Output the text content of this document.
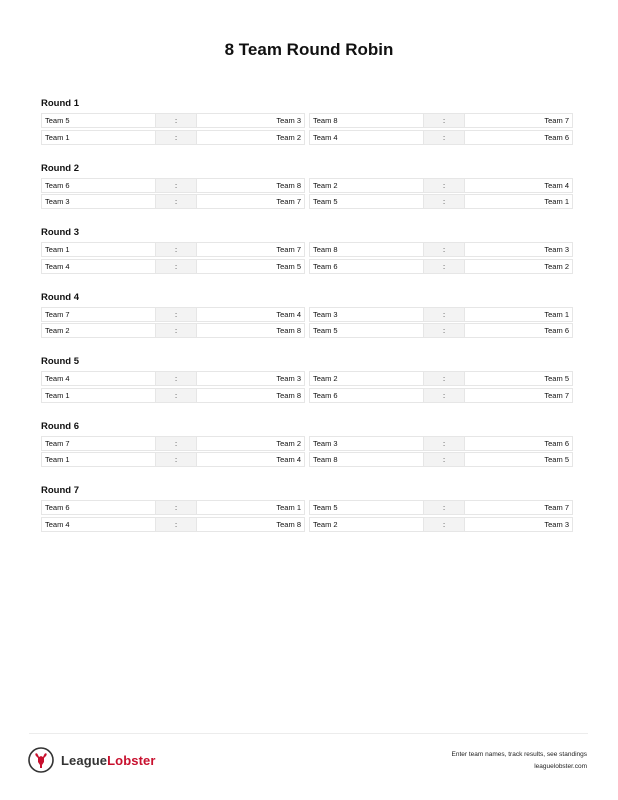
8 Team Round Robin
Round 1
Team 5	:	Team 3
Team 1	:	Team 2
Team 8	:	Team 7
Team 4	:	Team 6
Round 2
Team 6	:	Team 8
Team 3	:	Team 7
Team 2	:	Team 4
Team 5	:	Team 1
Round 3
Team 1	:	Team 7
Team 4	:	Team 5
Team 8	:	Team 3
Team 6	:	Team 2
Round 4
Team 7	:	Team 4
Team 2	:	Team 8
Team 3	:	Team 1
Team 5	:	Team 6
Round 5
Team 4	:	Team 3
Team 1	:	Team 8
Team 2	:	Team 5
Team 6	:	Team 7
Round 6
Team 7	:	Team 2
Team 1	:	Team 4
Team 3	:	Team 6
Team 8	:	Team 5
Round 7
Team 6	:	Team 1
Team 4	:	Team 8
Team 5	:	Team 7
Team 2	:	Team 3
LeagueLobster	Enter team names, track results, see standings
leaguelobster.com
